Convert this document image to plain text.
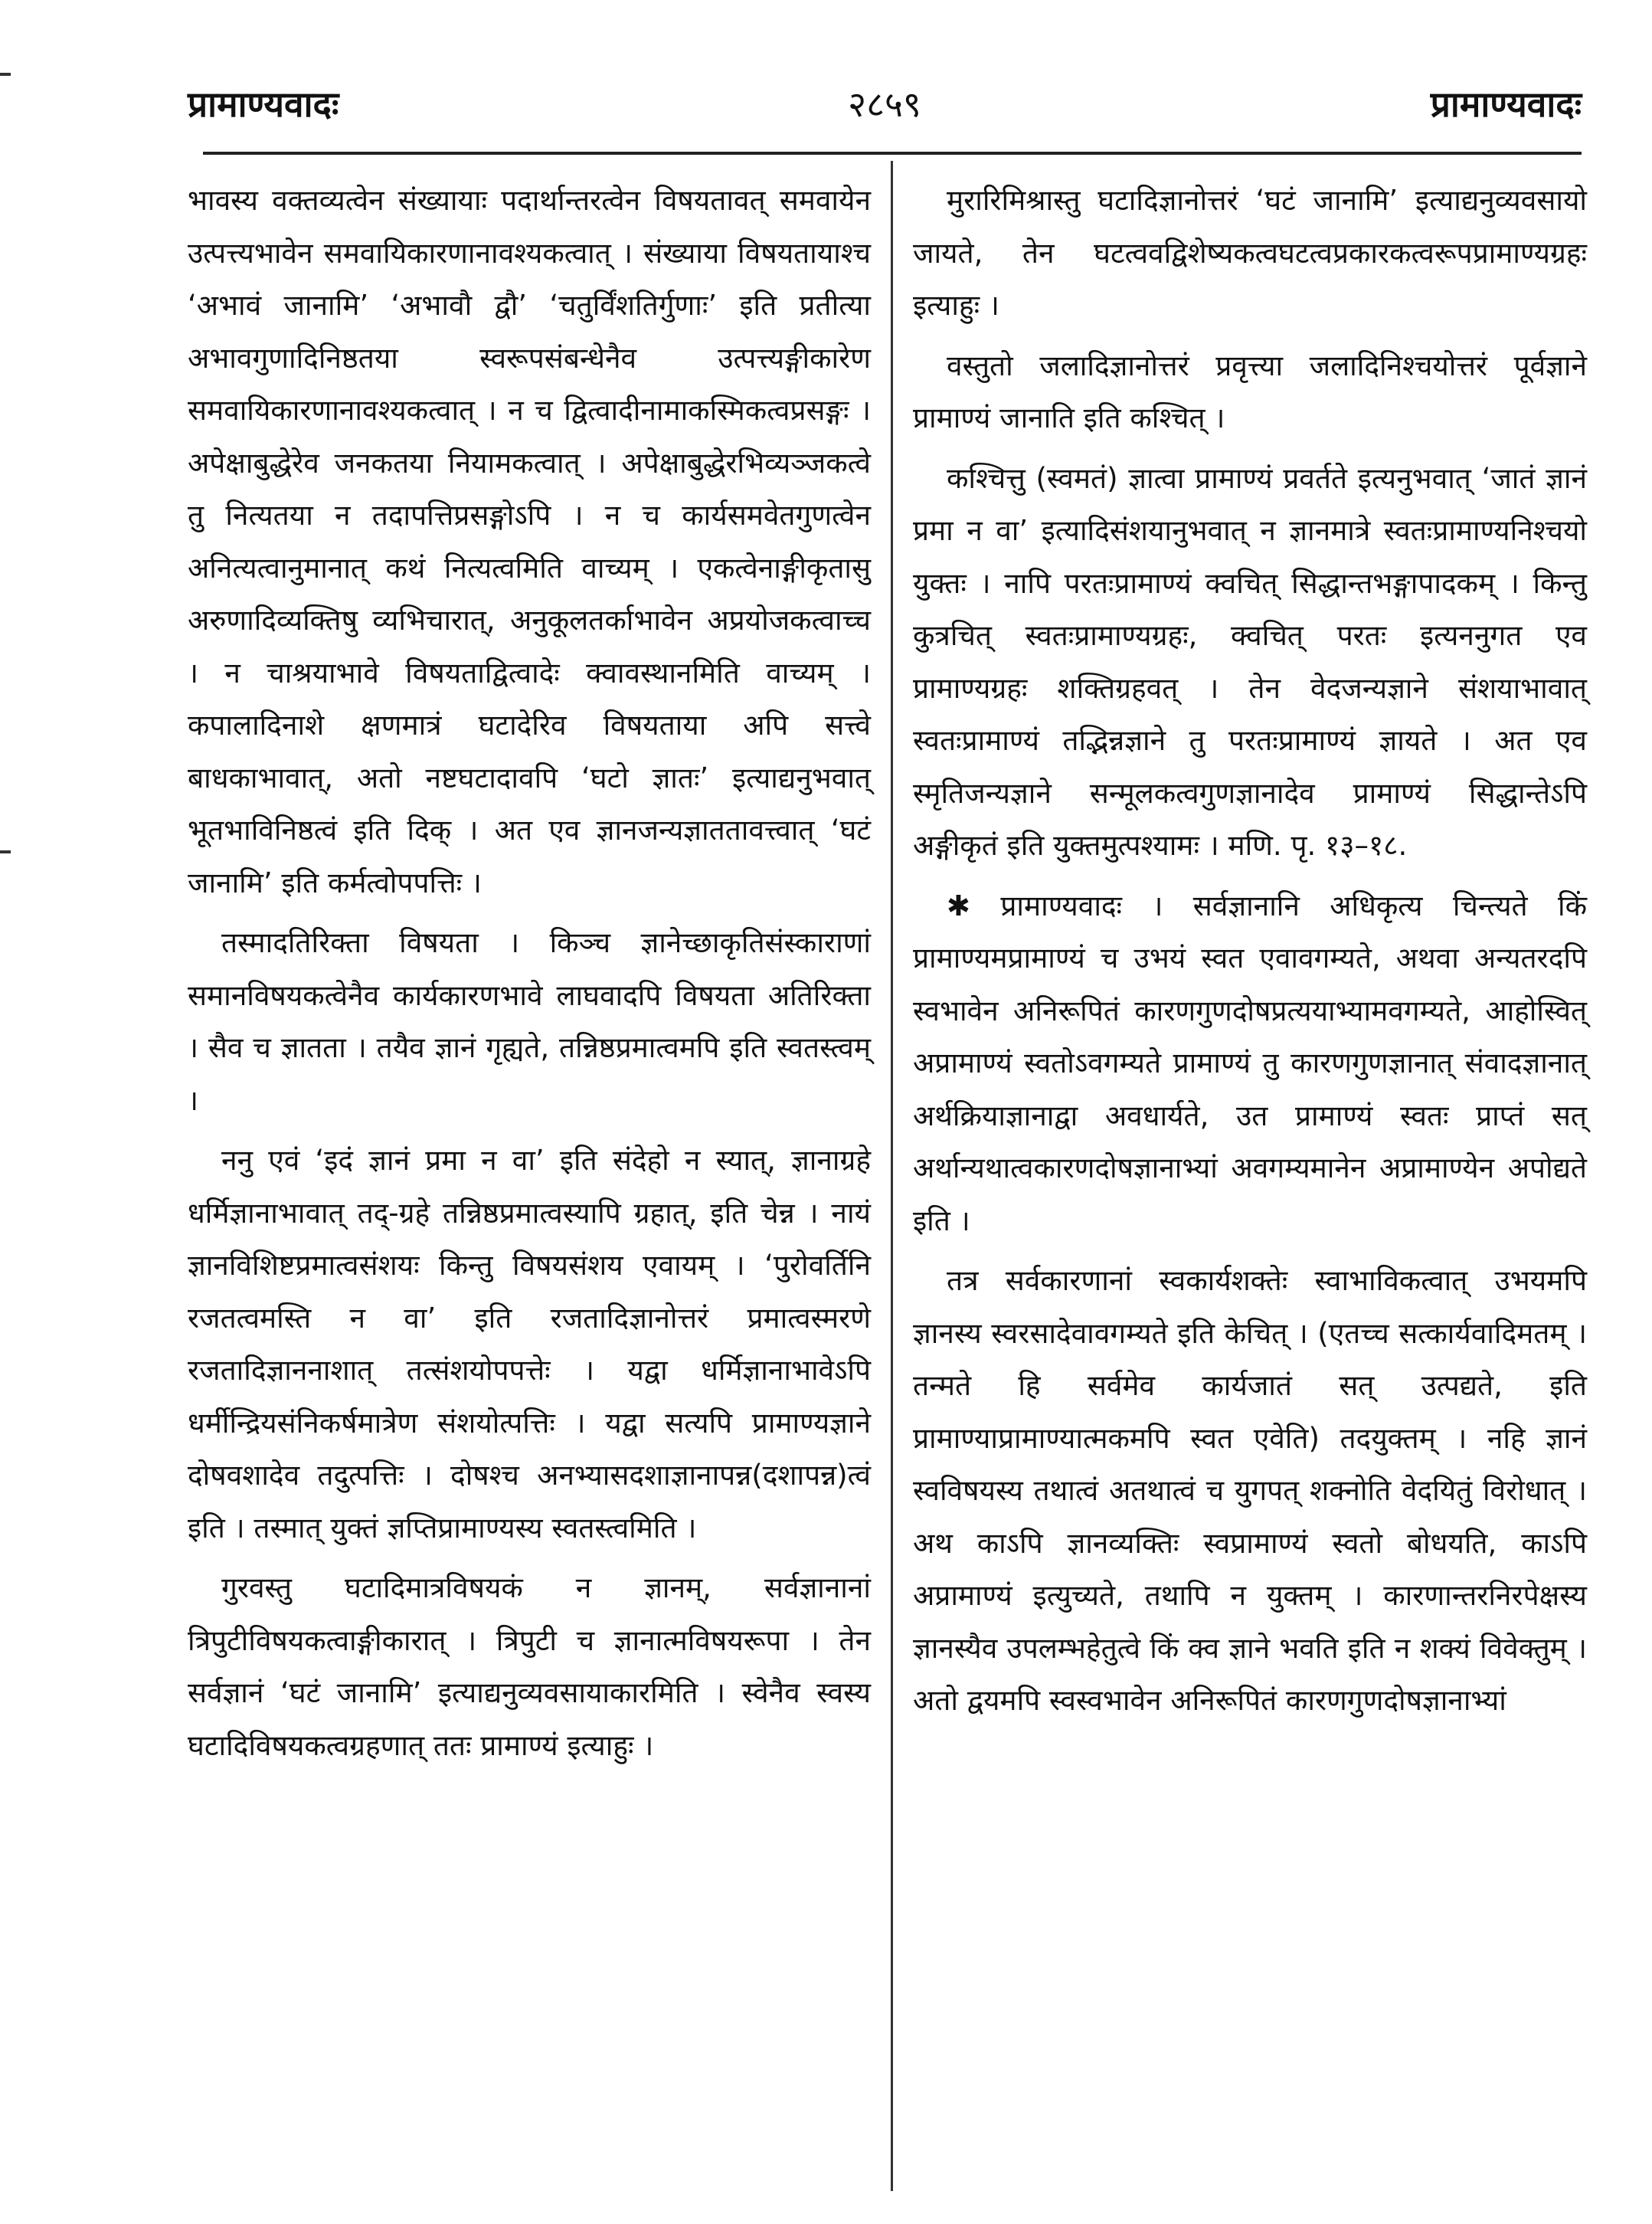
२८५९
प्रामाण्यवादः	प्रामाण्यवादः

भावस्य वक्तव्यत्वेन संख्यायाः पदार्थान्तरत्वेन विषयतावत् समवायेन उत्पत्त्यभावेन समवायिकारणानावश्यकत्वात् । संख्याया विषयतायाश्च ‘अभावं जानामि’ ‘अभावौ द्वौ’ ‘चतुर्विंशतिर्गुणाः’ इति प्रतीत्या अभावगुणादिनिष्ठतया स्वरूपसंबन्धेनैव उत्पत्त्यङ्गीकारेण समवायिकारणानावश्यकत्वात् । न च द्वित्वादीनामाकस्मिकत्वप्रसङ्गः । अपेक्षाबुद्धेरेव जनकतया नियामकत्वात् । अपेक्षाबुद्धेरभिव्यञ्जकत्वे तु नित्यतया न तदापत्तिप्रसङ्गोऽपि । न च कार्यसमवेतगुणत्वेन अनित्यत्वानुमानात् कथं नित्यत्वमिति वाच्यम् । एकत्वेनाङ्गीकृतासु अरुणादिव्यक्तिषु व्यभिचारात्, अनुकूलतर्काभावेन अप्रयोजकत्वाच्च । न चाश्रयाभावे विषयताद्वित्वादेः क्वावस्थानमिति वाच्यम् । कपालादिनाशे क्षणमात्रं घटादेरिव विषयताया अपि सत्त्वे बाधकाभावात्, अतो नष्टघटादावपि ‘घटो ज्ञातः’ इत्याद्यनुभवात् भूतभाविनिष्ठत्वं इति दिक् । अत एव ज्ञानजन्यज्ञाततावत्त्वात् ‘घटं जानामि’ इति कर्मत्वोपपत्तिः ।

तस्मादतिरिक्ता विषयता । किञ्च ज्ञानेच्छाकृतिसंस्काराणां समानविषयकत्वेनैव कार्यकारणभावे लाघवादपि विषयता अतिरिक्ता । सैव च ज्ञातता । तयैव ज्ञानं गृह्यते, तन्निष्ठप्रमात्वमपि इति स्वतस्त्वम् ।

ननु एवं ‘इदं ज्ञानं प्रमा न वा’ इति संदेहो न स्यात्, ज्ञानाग्रहे धर्मिज्ञानाभावात् तद्-ग्रहे तन्निष्ठप्रमात्वस्यापि ग्रहात्, इति चेन्न । नायं ज्ञानविशिष्टप्रमात्वसंशयः किन्तु विषयसंशय एवायम् । ‘पुरोवर्तिनि रजतत्वमस्ति न वा’ इति रजतादिज्ञानोत्तरं प्रमात्वस्मरणे रजतादिज्ञाननाशात् तत्संशयोपपत्तेः । यद्वा धर्मिज्ञानाभावेऽपि धर्मीन्द्रियसंनिकर्षमात्रेण संशयोत्पत्तिः । यद्वा सत्यपि प्रामाण्यज्ञाने दोषवशादेव तदुत्पत्तिः । दोषश्च अनभ्यासदशाज्ञानापन्न(दशापन्न)त्वं इति । तस्मात् युक्तं ज्ञप्तिप्रामाण्यस्य स्वतस्त्वमिति ।

गुरवस्तु घटादिमात्रविषयकं न ज्ञानम्, सर्वज्ञानानां त्रिपुटीविषयकत्वाङ्गीकारात् । त्रिपुटी च ज्ञानात्मविषयरूपा । तेन सर्वज्ञानं ‘घटं जानामि’ इत्याद्यनुव्यवसायाकारमिति । स्वेनैव स्वस्य घटादिविषयकत्वग्रहणात् ततः प्रामाण्यं इत्याहुः ।

मुरारिमिश्रास्तु घटादिज्ञानोत्तरं ‘घटं जानामि’ इत्याद्यनुव्यवसायो जायते, तेन घटत्ववद्विशेष्यकत्वघटत्वप्रकारकत्वरूपप्रामाण्यग्रहः इत्याहुः ।

वस्तुतो जलादिज्ञानोत्तरं प्रवृत्त्या जलादिनिश्चयोत्तरं पूर्वज्ञाने प्रामाण्यं जानाति इति कश्चित् ।

कश्चित्तु (स्वमतं) ज्ञात्वा प्रामाण्यं प्रवर्तते इत्यनुभवात् ‘जातं ज्ञानं प्रमा न वा’ इत्यादिसंशयानुभवात् न ज्ञानमात्रे स्वतःप्रामाण्यनिश्चयो युक्तः । नापि परतःप्रामाण्यं क्वचित् सिद्धान्तभङ्गापादकम् । किन्तु कुत्रचित् स्वतःप्रामाण्यग्रहः, क्वचित् परतः इत्यननुगत एव प्रामाण्यग्रहः शक्तिग्रहवत् । तेन वेदजन्यज्ञाने संशयाभावात् स्वतःप्रामाण्यं तद्भिन्नज्ञाने तु परतःप्रामाण्यं ज्ञायते । अत एव स्मृतिजन्यज्ञाने सन्मूलकत्वगुणज्ञानादेव प्रामाण्यं सिद्धान्तेऽपि अङ्गीकृतं इति युक्तमुत्पश्यामः । मणि. पृ. १३–१८.

✱ प्रामाण्यवादः । सर्वज्ञानानि अधिकृत्य चिन्त्यते किं प्रामाण्यमप्रामाण्यं च उभयं स्वत एवावगम्यते, अथवा अन्यतरदपि स्वभावेन अनिरूपितं कारणगुणदोषप्रत्ययाभ्यामवगम्यते, आहोस्वित् अप्रामाण्यं स्वतोऽवगम्यते प्रामाण्यं तु कारणगुणज्ञानात् संवादज्ञानात् अर्थक्रियाज्ञानाद्वा अवधार्यते, उत प्रामाण्यं स्वतः प्राप्तं सत् अर्थान्यथात्वकारणदोषज्ञानाभ्यां अवगम्यमानेन अप्रामाण्येन अपोद्यते इति ।

तत्र सर्वकारणानां स्वकार्यशक्तेः स्वाभाविकत्वात् उभयमपि ज्ञानस्य स्वरसादेवावगम्यते इति केचित् । (एतच्च सत्कार्यवादिमतम् । तन्मते हि सर्वमेव कार्यजातं सत् उत्पद्यते, इति प्रामाण्याप्रामाण्यात्मकमपि स्वत एवेति) तदयुक्तम् । नहि ज्ञानं स्वविषयस्य तथात्वं अतथात्वं च युगपत् शक्नोति वेदयितुं विरोधात् । अथ काऽपि ज्ञानव्यक्तिः स्वप्रामाण्यं स्वतो बोधयति, काऽपि अप्रामाण्यं इत्युच्यते, तथापि न युक्तम् । कारणान्तरनिरपेक्षस्य ज्ञानस्यैव उपलम्भहेतुत्वे किं क्व ज्ञाने भवति इति न शक्यं विवेक्तुम् । अतो द्वयमपि स्वस्वभावेन अनिरूपितं कारणगुणदोषज्ञानाभ्यां
